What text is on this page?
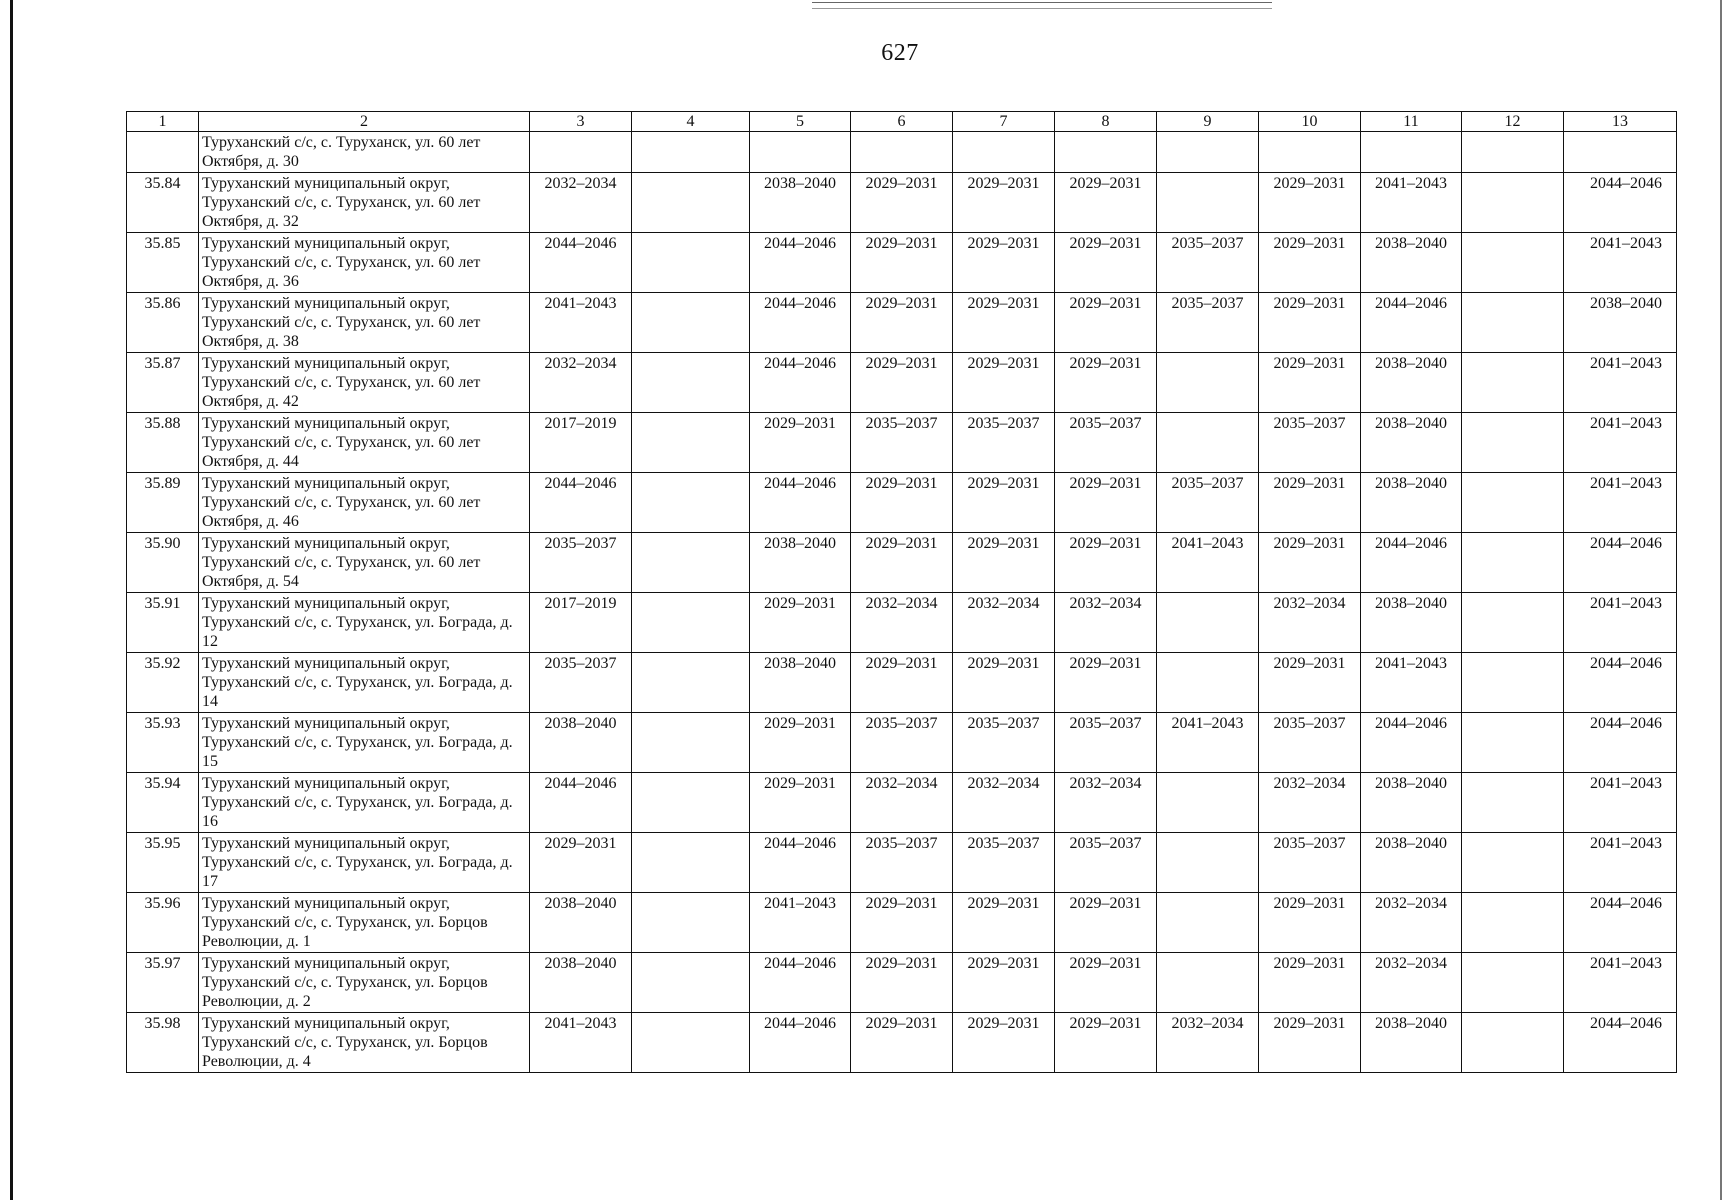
627
1	2	3	4	5	6	7	8	9	10	11	12	13
	Туруханский с/с, с. Туруханск, ул. 60 лет Октября, д. 30											
35.84	Туруханский муниципальный округ, Туруханский с/с, с. Туруханск, ул. 60 лет Октября, д. 32	2032–2034		2038–2040	2029–2031	2029–2031	2029–2031		2029–2031	2041–2043		2044–2046
35.85	Туруханский муниципальный округ, Туруханский с/с, с. Туруханск, ул. 60 лет Октября, д. 36	2044–2046		2044–2046	2029–2031	2029–2031	2029–2031	2035–2037	2029–2031	2038–2040		2041–2043
35.86	Туруханский муниципальный округ, Туруханский с/с, с. Туруханск, ул. 60 лет Октября, д. 38	2041–2043		2044–2046	2029–2031	2029–2031	2029–2031	2035–2037	2029–2031	2044–2046		2038–2040
35.87	Туруханский муниципальный округ, Туруханский с/с, с. Туруханск, ул. 60 лет Октября, д. 42	2032–2034		2044–2046	2029–2031	2029–2031	2029–2031		2029–2031	2038–2040		2041–2043
35.88	Туруханский муниципальный округ, Туруханский с/с, с. Туруханск, ул. 60 лет Октября, д. 44	2017–2019		2029–2031	2035–2037	2035–2037	2035–2037		2035–2037	2038–2040		2041–2043
35.89	Туруханский муниципальный округ, Туруханский с/с, с. Туруханск, ул. 60 лет Октября, д. 46	2044–2046		2044–2046	2029–2031	2029–2031	2029–2031	2035–2037	2029–2031	2038–2040		2041–2043
35.90	Туруханский муниципальный округ, Туруханский с/с, с. Туруханск, ул. 60 лет Октября, д. 54	2035–2037		2038–2040	2029–2031	2029–2031	2029–2031	2041–2043	2029–2031	2044–2046		2044–2046
35.91	Туруханский муниципальный округ, Туруханский с/с, с. Туруханск, ул. Бограда, д. 12	2017–2019		2029–2031	2032–2034	2032–2034	2032–2034		2032–2034	2038–2040		2041–2043
35.92	Туруханский муниципальный округ, Туруханский с/с, с. Туруханск, ул. Бограда, д. 14	2035–2037		2038–2040	2029–2031	2029–2031	2029–2031		2029–2031	2041–2043		2044–2046
35.93	Туруханский муниципальный округ, Туруханский с/с, с. Туруханск, ул. Бограда, д. 15	2038–2040		2029–2031	2035–2037	2035–2037	2035–2037	2041–2043	2035–2037	2044–2046		2044–2046
35.94	Туруханский муниципальный округ, Туруханский с/с, с. Туруханск, ул. Бограда, д. 16	2044–2046		2029–2031	2032–2034	2032–2034	2032–2034		2032–2034	2038–2040		2041–2043
35.95	Туруханский муниципальный округ, Туруханский с/с, с. Туруханск, ул. Бограда, д. 17	2029–2031		2044–2046	2035–2037	2035–2037	2035–2037		2035–2037	2038–2040		2041–2043
35.96	Туруханский муниципальный округ, Туруханский с/с, с. Туруханск, ул. Борцов Революции, д. 1	2038–2040		2041–2043	2029–2031	2029–2031	2029–2031		2029–2031	2032–2034		2044–2046
35.97	Туруханский муниципальный округ, Туруханский с/с, с. Туруханск, ул. Борцов Революции, д. 2	2038–2040		2044–2046	2029–2031	2029–2031	2029–2031		2029–2031	2032–2034		2041–2043
35.98	Туруханский муниципальный округ, Туруханский с/с, с. Туруханск, ул. Борцов Революции, д. 4	2041–2043		2044–2046	2029–2031	2029–2031	2029–2031	2032–2034	2029–2031	2038–2040		2044–2046
